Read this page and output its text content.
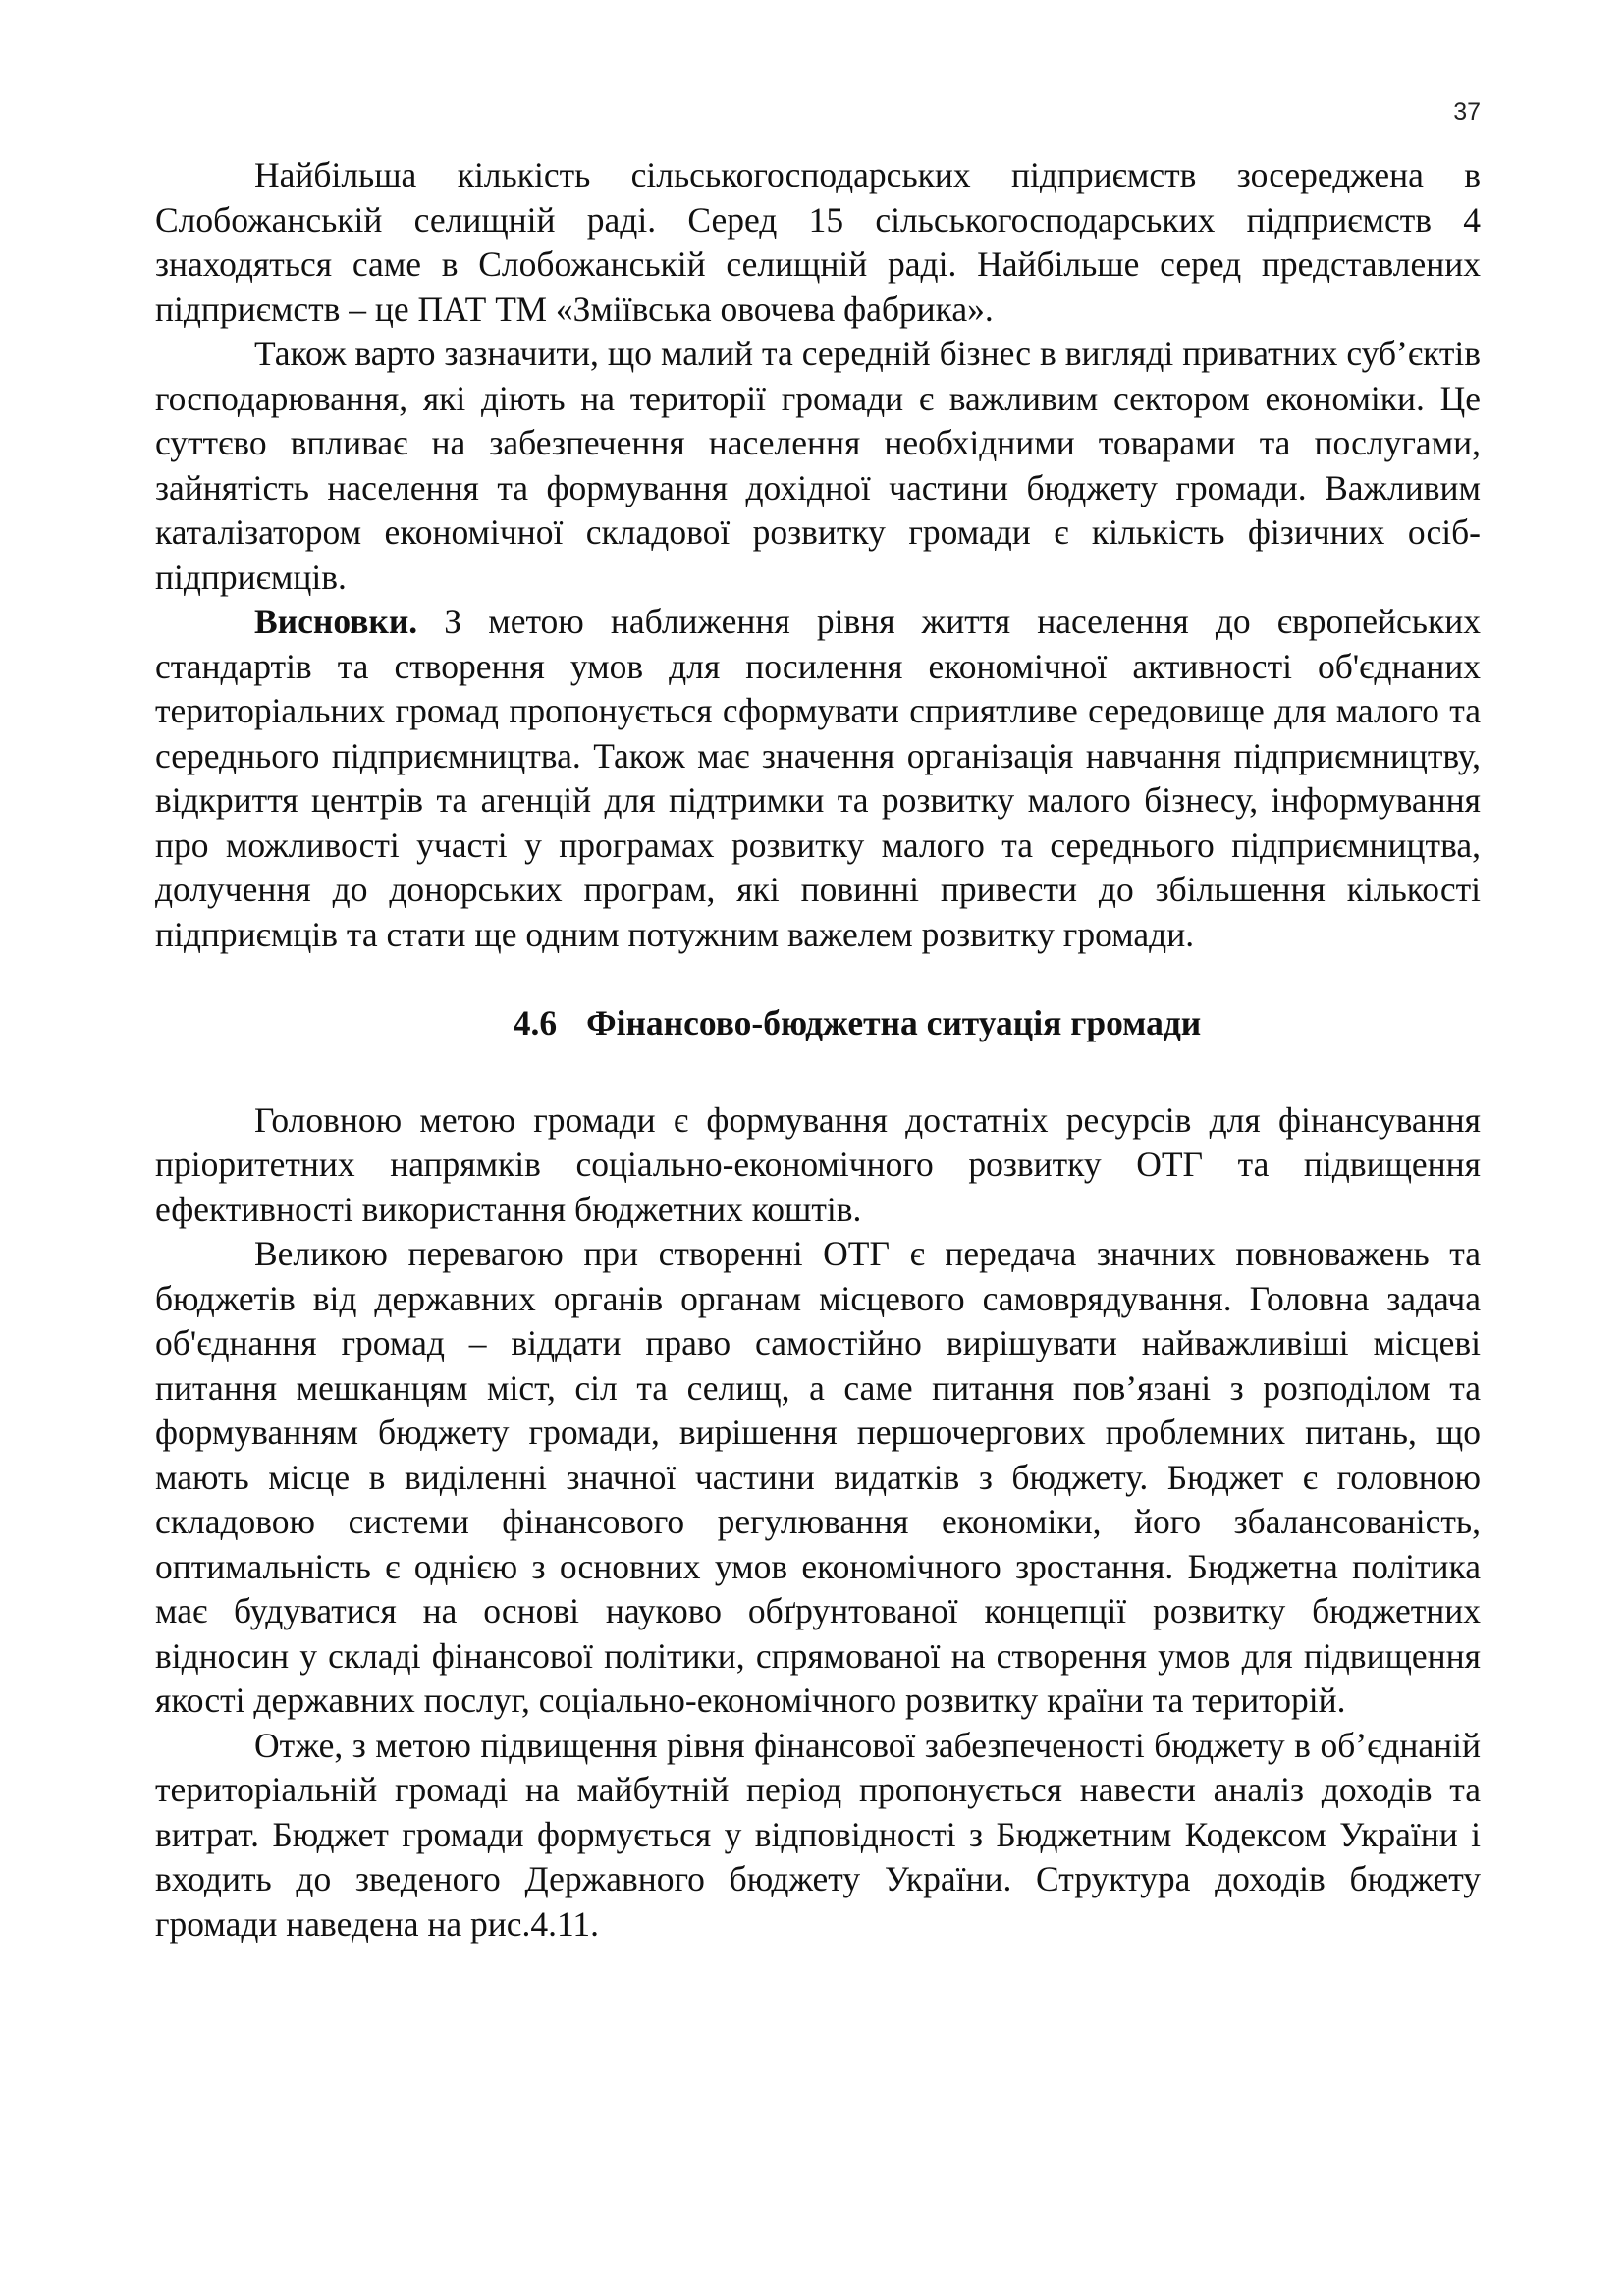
37

Найбільша кількість сільськогосподарських підприємств зосереджена в Слобожанській селищній раді. Серед 15 сільськогосподарських підприємств 4 знаходяться саме в Слобожанській селищній раді. Найбільше серед представлених підприємств – це ПАТ ТМ «Зміївська овочева фабрика».

Також варто зазначити, що малий та середній бізнес в вигляді приватних суб’єктів господарювання, які діють на території громади є важливим сектором економіки. Це суттєво впливає на забезпечення населення необхідними товарами та послугами, зайнятість населення та формування дохідної частини бюджету громади. Важливим каталізатором економічної складової розвитку громади є кількість фізичних осіб-підприємців.

Висновки. З метою наближення рівня життя населення до європейських стандартів та створення умов для посилення економічної активності об'єднаних територіальних громад пропонується сформувати сприятливе середовище для малого та середнього підприємництва. Також має значення організація навчання підприємництву, відкриття центрів та агенцій для підтримки та розвитку малого бізнесу, інформування про можливості участі у програмах розвитку малого та середнього підприємництва, долучення до донорських програм, які повинні привести до збільшення кількості підприємців та стати ще одним потужним важелем розвитку громади.

4.6 Фінансово-бюджетна ситуація громади

Головною метою громади є формування достатніх ресурсів для фінансування пріоритетних напрямків соціально-економічного розвитку ОТГ та підвищення ефективності використання бюджетних коштів.

Великою перевагою при створенні ОТГ є передача значних повноважень та бюджетів від державних органів органам місцевого самоврядування. Головна задача об'єднання громад – віддати право самостійно вирішувати найважливіші місцеві питання мешканцям міст, сіл та селищ, а саме питання пов’язані з розподілом та формуванням бюджету громади, вирішення першочергових проблемних питань, що мають місце в виділенні значної частини видатків з бюджету. Бюджет є головною складовою системи фінансового регулювання економіки, його збалансованість, оптимальність є однією з основних умов економічного зростання. Бюджетна політика має будуватися на основі науково обґрунтованої концепції розвитку бюджетних відносин у складі фінансової політики, спрямованої на створення умов для підвищення якості державних послуг, соціально-економічного розвитку країни та територій.

Отже, з метою підвищення рівня фінансової забезпеченості бюджету в об’єднаній територіальній громаді на майбутній період пропонується навести аналіз доходів та витрат. Бюджет громади формується у відповідності з Бюджетним Кодексом України і входить до зведеного Державного бюджету України. Структура доходів бюджету громади наведена на рис.4.11.
